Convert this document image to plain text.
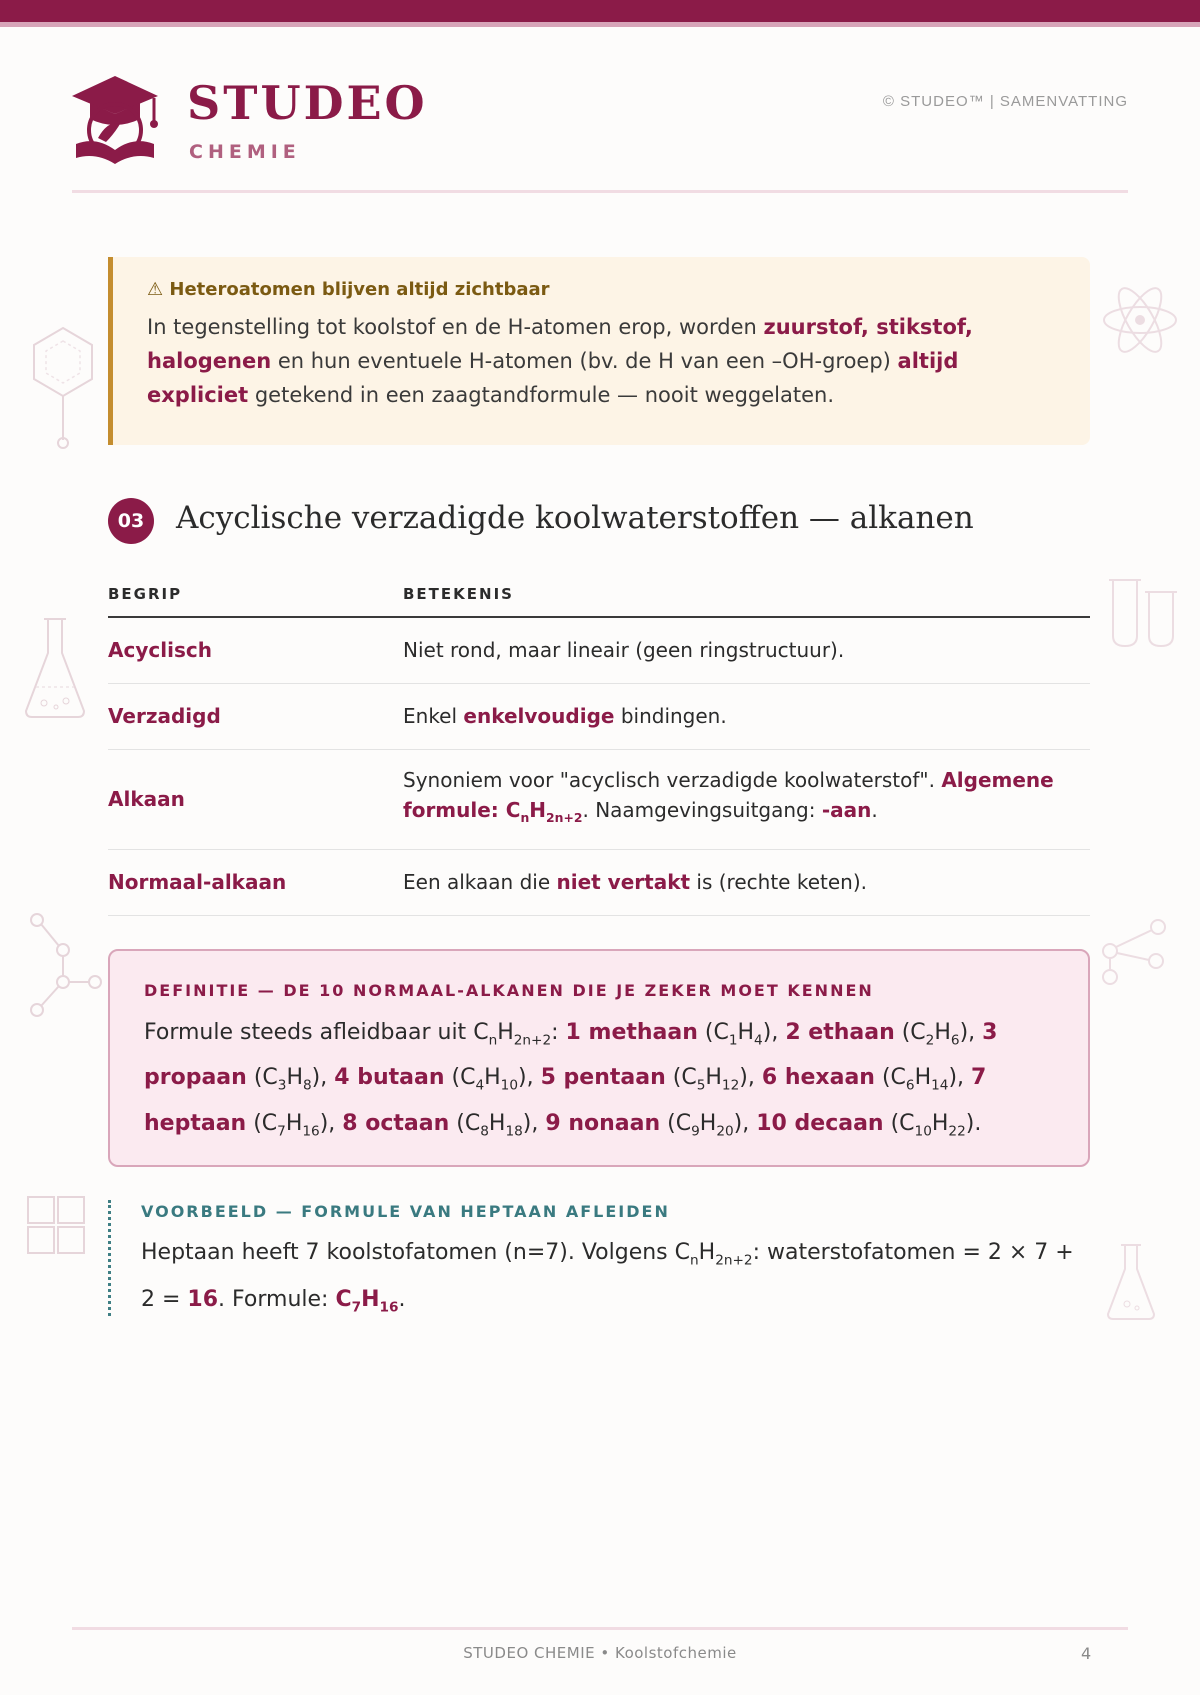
STUDEO
CHEMIE
© STUDEO™ | SAMENVATTING
⚠ Heteroatomen blijven altijd zichtbaar
In tegenstelling tot koolstof en de H-atomen erop, worden zuurstof, stikstof, halogenen en hun eventuele H-atomen (bv. de H van een –OH-groep) altijd expliciet getekend in een zaagtandformule — nooit weggelaten.
03	Acyclische verzadigde koolwaterstoffen — alkanen
BEGRIP	BETEKENIS
Acyclisch	Niet rond, maar lineair (geen ringstructuur).
Verzadigd	Enkel enkelvoudige bindingen.
Alkaan	Synoniem voor "acyclisch verzadigde koolwaterstof". Algemene formule: $C_nH_{2n+2}$. Naamgevingsuitgang: -aan.
Normaal-alkaan	Een alkaan die niet vertakt is (rechte keten).
DEFINITIE — DE 10 NORMAAL-ALKANEN DIE JE ZEKER MOET KENNEN
Formule steeds afleidbaar uit $C_nH_{2n+2}$: 1 methaan $(C_1H_4)$, 2 ethaan $(C_2H_6)$, 3 propaan $(C_3H_8)$, 4 butaan $(C_4H_{10})$, 5 pentaan $(C_5H_{12})$, 6 hexaan $(C_6H_{14})$, 7 heptaan $(C_7H_{16})$, 8 octaan $(C_8H_{18})$, 9 nonaan $(C_9H_{20})$, 10 decaan $(C_{10}H_{22})$.
VOORBEELD — FORMULE VAN HEPTAAN AFLEIDEN
Heptaan heeft 7 koolstofatomen (n=7). Volgens $C_nH_{2n+2}$: waterstofatomen = 2 × 7 + 2 = 16. Formule: $C_7H_{16}$.
STUDEO CHEMIE • Koolstofchemie	4
